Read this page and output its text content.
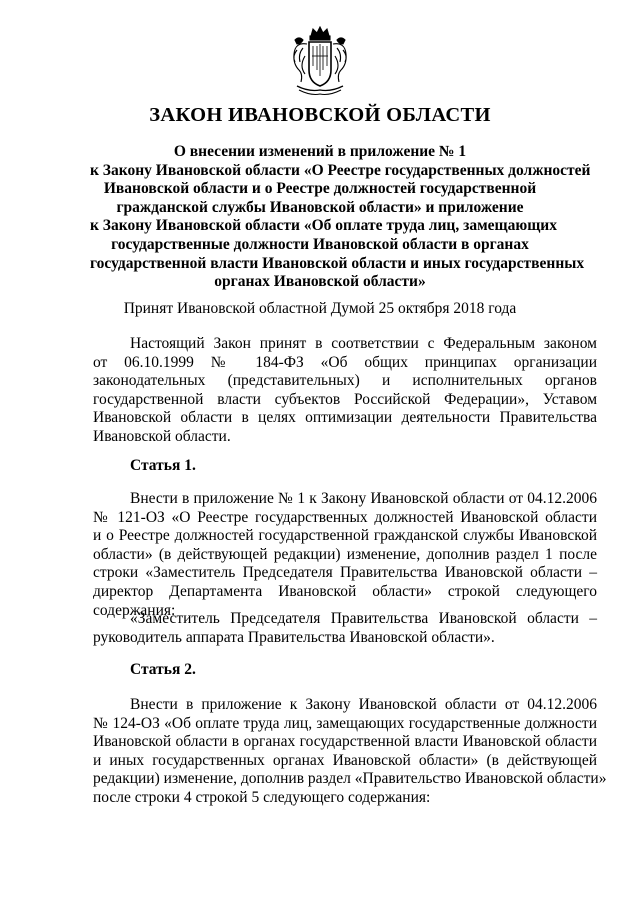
ЗАКОН ИВАНОВСКОЙ ОБЛАСТИ
О внесении изменений в приложение № 1
к Закону Ивановской области «О Реестре государственных должностей
Ивановской области и о Реестре должностей государственной
гражданской службы Ивановской области» и приложение
к Закону Ивановской области «Об оплате труда лиц, замещающих
государственные должности Ивановской области в органах
государственной власти Ивановской области и иных государственных
органах Ивановской области»
Принят Ивановской областной Думой 25 октября 2018 года
Настоящий Закон принят в соответствии с Федеральным законом
от 06.10.1999 № 184-ФЗ «Об общих принципах организации
законодательных (представительных) и исполнительных органов
государственной власти субъектов Российской Федерации», Уставом
Ивановской области в целях оптимизации деятельности Правительства
Ивановской области.
Статья 1.
Внести в приложение № 1 к Закону Ивановской области от 04.12.2006
№ 121-ОЗ «О Реестре государственных должностей Ивановской области
и о Реестре должностей государственной гражданской службы Ивановской
области» (в действующей редакции) изменение, дополнив раздел 1 после
строки «Заместитель Председателя Правительства Ивановской области –
директор Департамента Ивановской области» строкой следующего
содержания:
«Заместитель Председателя Правительства Ивановской области –
руководитель аппарата Правительства Ивановской области».
Статья 2.
Внести в приложение к Закону Ивановской области от 04.12.2006
№ 124-ОЗ «Об оплате труда лиц, замещающих государственные должности
Ивановской области в органах государственной власти Ивановской области
и иных государственных органах Ивановской области» (в действующей
редакции) изменение, дополнив раздел «Правительство Ивановской области»
после строки 4 строкой 5 следующего содержания:
